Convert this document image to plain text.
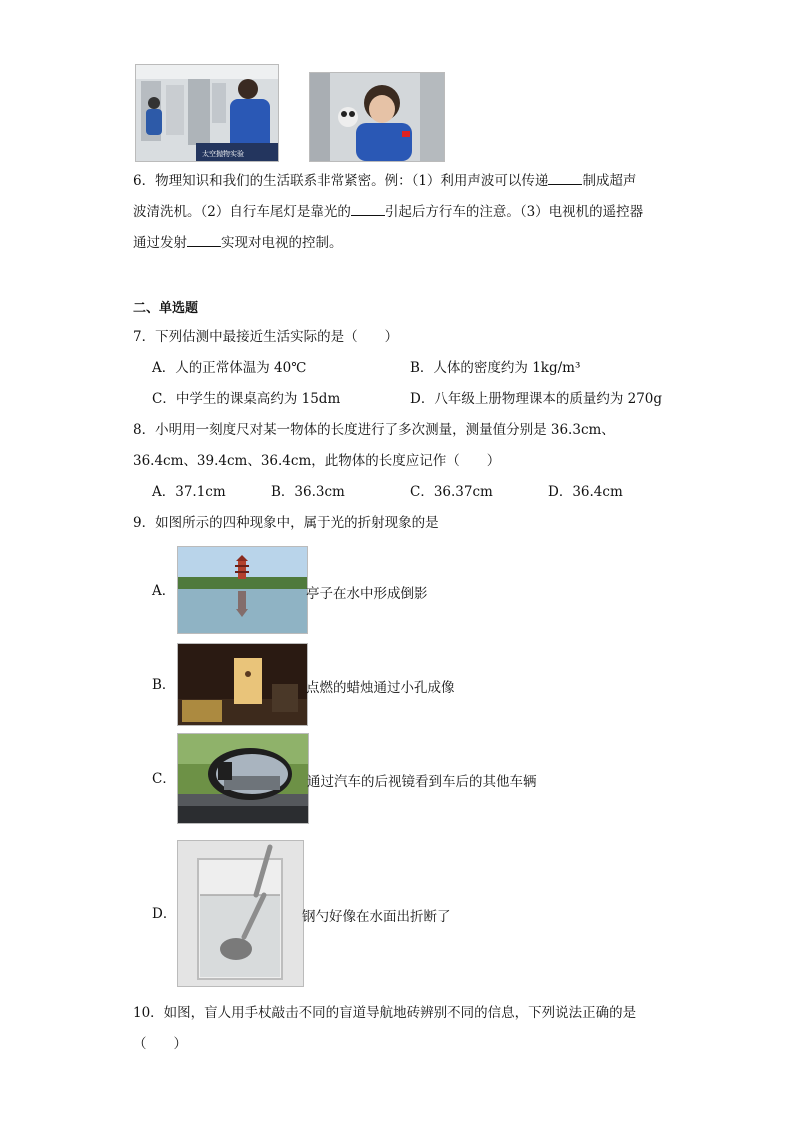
太空抛物实验
6．物理知识和我们的生活联系非常紧密。例：（1）利用声波可以传递	制成超声
波清洗机。（2）自行车尾灯是靠光的	引起后方行车的注意。（3）电视机的遥控器
通过发射	实现对电视的控制。
二、单选题
7．下列估测中最接近生活实际的是（　　）
A．人的正常体温为 40℃	B．人体的密度约为 1kg/m³
C．中学生的课桌高约为 15dm	D．八年级上册物理课本的质量约为 270g
8．小明用一刻度尺对某一物体的长度进行了多次测量，测量值分别是 36.3cm、
36.4cm、39.4cm、36.4cm，此物体的长度应记作（　　）
A．37.1cm	B．36.3cm	C．36.37cm	D．36.4cm
9．如图所示的四种现象中，属于光的折射现象的是
A．	亭子在水中形成倒影
B．	点燃的蜡烛通过小孔成像
C．	通过汽车的后视镜看到车后的其他车辆
D．	钢勺好像在水面出折断了
10．如图，盲人用手杖敲击不同的盲道导航地砖辨别不同的信息，下列说法正确的是
（　　）
